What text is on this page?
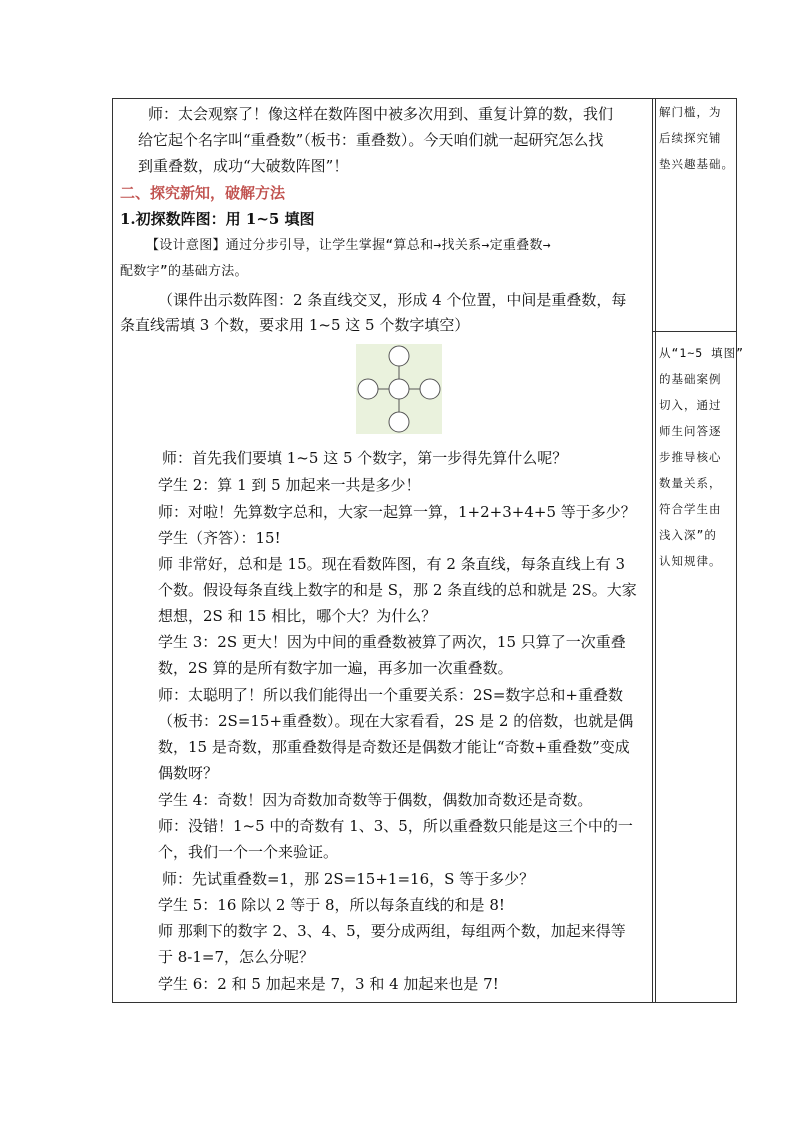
师：太会观察了！像这样在数阵图中被多次用到、重复计算的数，我们
给它起个名字叫“重叠数”（板书：重叠数）。今天咱们就一起研究怎么找
到重叠数，成功“大破数阵图”！
二、探究新知，破解方法
1.初探数阵图：用 1~5 填图
【设计意图】通过分步引导，让学生掌握“算总和→找关系→定重叠数→
配数字”的基础方法。
（课件出示数阵图：2 条直线交叉，形成 4 个位置，中间是重叠数，每
条直线需填 3 个数，要求用 1~5 这 5 个数字填空）
师：首先我们要填 1~5 这 5 个数字，第一步得先算什么呢？
学生 2：算 1 到 5 加起来一共是多少！
师：对啦！先算数字总和，大家一起算一算，1+2+3+4+5 等于多少？
学生（齐答）：15!
师 非常好，总和是 15。现在看数阵图，有 2 条直线，每条直线上有 3
个数。假设每条直线上数字的和是 S，那 2 条直线的总和就是 2S。大家
想想，2S 和 15 相比，哪个大？为什么？
学生 3：2S 更大！因为中间的重叠数被算了两次，15 只算了一次重叠
数，2S 算的是所有数字加一遍，再多加一次重叠数。
师：太聪明了！所以我们能得出一个重要关系：2S=数字总和+重叠数
（板书：2S=15+重叠数）。现在大家看看，2S 是 2 的倍数，也就是偶
数，15 是奇数，那重叠数得是奇数还是偶数才能让“奇数+重叠数”变成
偶数呀？
学生 4：奇数！因为奇数加奇数等于偶数，偶数加奇数还是奇数。
师：没错！1~5 中的奇数有 1、3、5，所以重叠数只能是这三个中的一
个，我们一个一个来验证。
师：先试重叠数=1，那 2S=15+1=16，S 等于多少？
学生 5：16 除以 2 等于 8，所以每条直线的和是 8!
师 那剩下的数字 2、3、4、5，要分成两组，每组两个数，加起来得等
于 8-1=7，怎么分呢？
学生 6：2 和 5 加起来是 7，3 和 4 加起来也是 7!
解门槛，为
后续探究铺
垫兴趣基础。
从“1~5 填图”
的基础案例
切入，通过
师生问答逐
步推导核心
数量关系，
符合学生由
浅入深”的
认知规律。
